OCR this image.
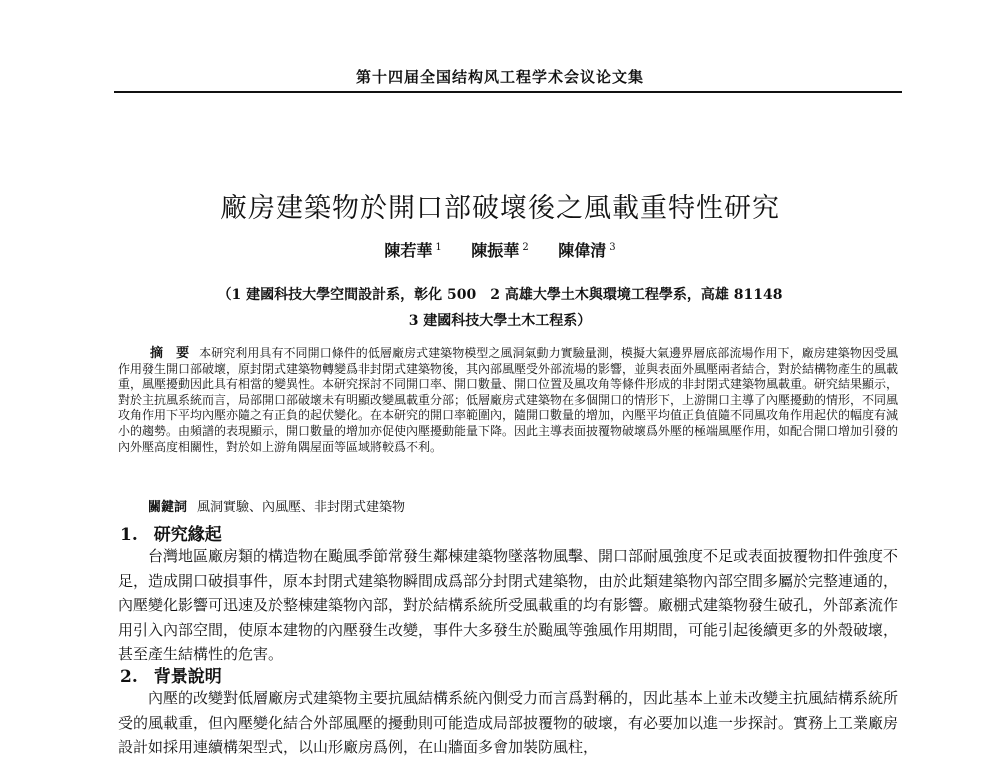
第十四届全国结构风工程学术会议论文集
廠房建築物於開口部破壞後之風載重特性研究
陳若華 $^1$ 陳振華 $^2$ 陳偉清 $^3$
（1 建國科技大學空間設計系，彰化 500　2 高雄大學土木與環境工程學系，高雄 81148
3 建國科技大學土木工程系）
摘　要 本研究利用具有不同開口條件的低層廠房式建築物模型之風洞氣動力實驗量測，模擬大氣邊界層底部流場作用下，廠房建築物因受風作用發生開口部破壞，原封閉式建築物轉變爲非封閉式建築物後，其內部風壓受外部流場的影響，並與表面外風壓兩者結合，對於結構物產生的風載重，風壓擾動因此具有相當的變異性。本研究探討不同開口率、開口數量、開口位置及風攻角等條件形成的非封閉式建築物風載重。研究結果顯示，對於主抗風系統而言，局部開口部破壞未有明顯改變風載重分部；低層廠房式建築物在多個開口的情形下，上游開口主導了內壓擾動的情形，不同風攻角作用下平均內壓亦隨之有正負的起伏變化。在本研究的開口率範圍內，隨開口數量的增加，內壓平均值正負值隨不同風攻角作用起伏的幅度有減小的趨勢。由頻譜的表現顯示，開口數量的增加亦促使內壓擾動能量下降。因此主導表面披覆物破壞爲外壓的極端風壓作用，如配合開口增加引發的內外壓高度相關性，對於如上游角隅屋面等區域將較爲不利。
關鍵詞 風洞實驗、內風壓、非封閉式建築物
1. 研究緣起
台灣地區廠房類的構造物在颱風季節常發生鄰棟建築物墜落物風擊、開口部耐風強度不足或表面披覆物扣件強度不足，造成開口破損事件，原本封閉式建築物瞬間成爲部分封閉式建築物，由於此類建築物內部空間多屬於完整連通的，內壓變化影響可迅速及於整棟建築物內部，對於結構系統所受風載重的均有影響。廠棚式建築物發生破孔，外部紊流作用引入內部空間，使原本建物的內壓發生改變，事件大多發生於颱風等強風作用期間，可能引起後續更多的外殼破壞，甚至產生結構性的危害。
2. 背景說明
內壓的改變對低層廠房式建築物主要抗風結構系統內側受力而言爲對稱的，因此基本上並未改變主抗風結構系統所受的風載重，但內壓變化結合外部風壓的擾動則可能造成局部披覆物的破壞，有必要加以進一步探討。實務上工業廠房設計如採用連續構架型式，以山形廠房爲例，在山牆面多會加裝防風柱，
